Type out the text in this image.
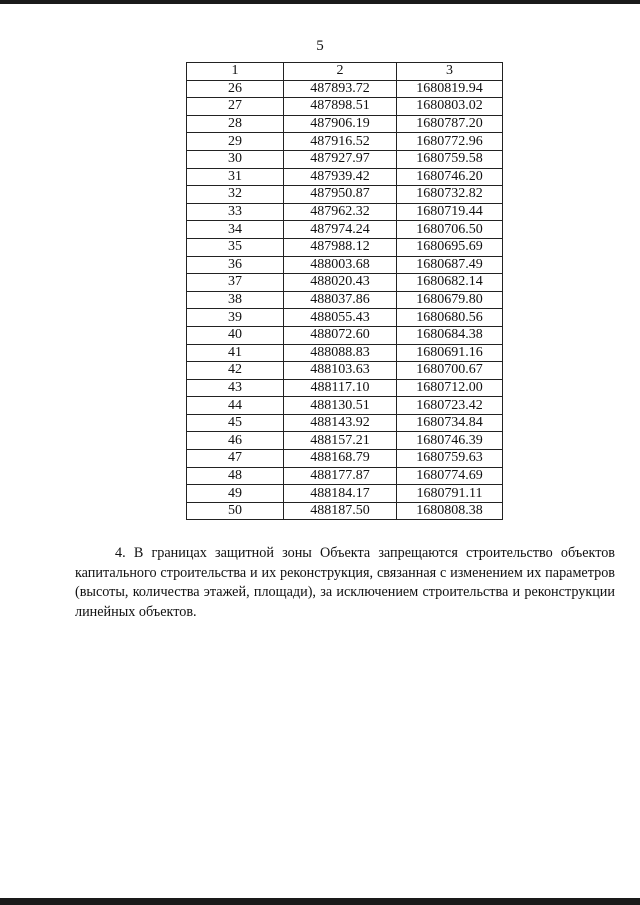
5
1	2	3
26	487893.72	1680819.94
27	487898.51	1680803.02
28	487906.19	1680787.20
29	487916.52	1680772.96
30	487927.97	1680759.58
31	487939.42	1680746.20
32	487950.87	1680732.82
33	487962.32	1680719.44
34	487974.24	1680706.50
35	487988.12	1680695.69
36	488003.68	1680687.49
37	488020.43	1680682.14
38	488037.86	1680679.80
39	488055.43	1680680.56
40	488072.60	1680684.38
41	488088.83	1680691.16
42	488103.63	1680700.67
43	488117.10	1680712.00
44	488130.51	1680723.42
45	488143.92	1680734.84
46	488157.21	1680746.39
47	488168.79	1680759.63
48	488177.87	1680774.69
49	488184.17	1680791.11
50	488187.50	1680808.38

4. В границах защитной зоны Объекта запрещаются строительство объектов капитального строительства и их реконструкция, связанная с изменением их параметров (высоты, количества этажей, площади), за исключением строительства и реконструкции линейных объектов.
